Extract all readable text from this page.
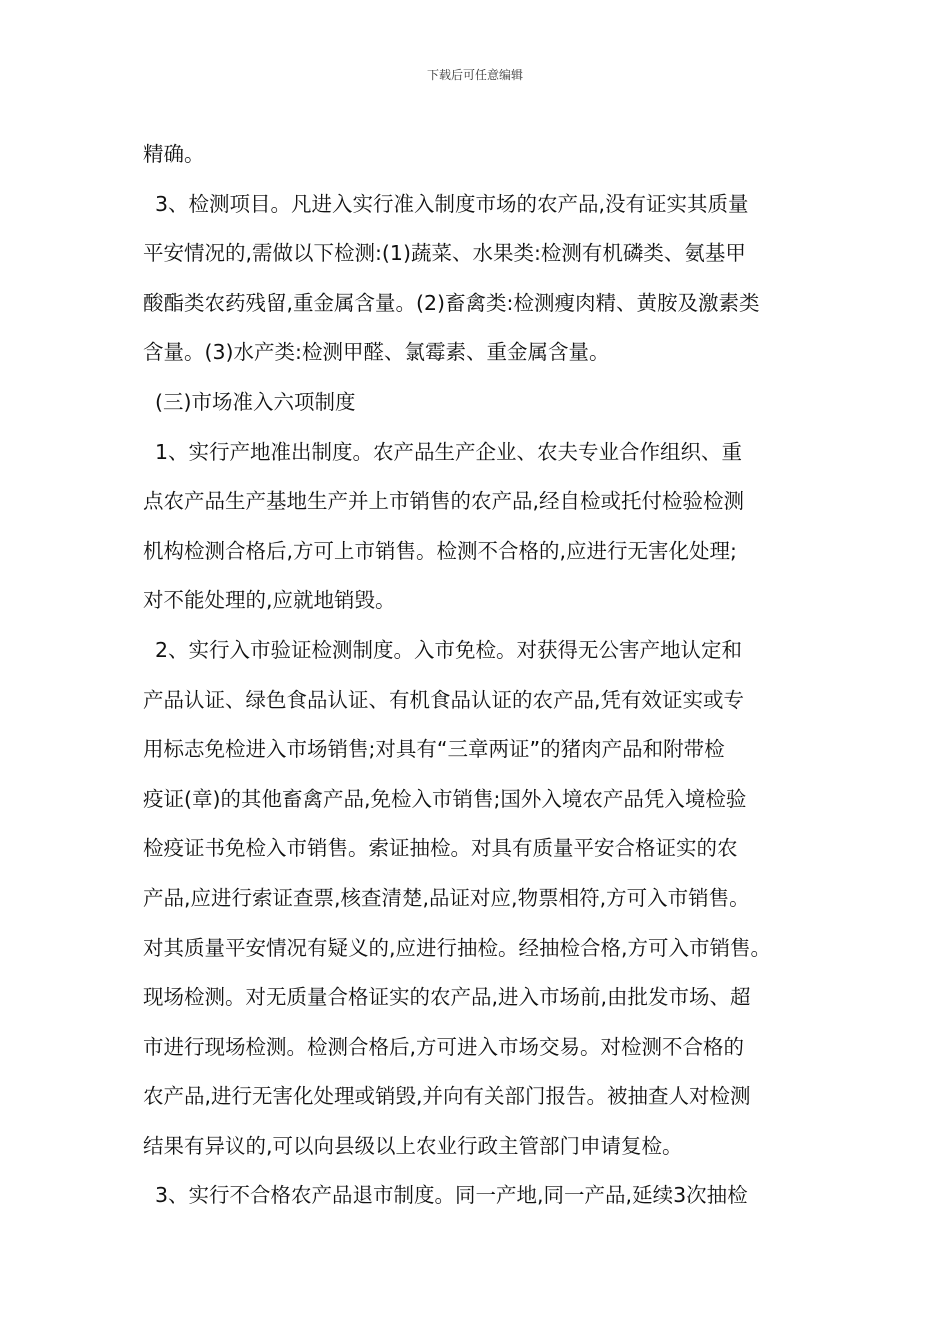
下载后可任意编辑
精确。
3、检测项目。凡进入实行准入制度市场的农产品,没有证实其质量
平安情况的,需做以下检测:(1)蔬菜、水果类:检测有机磷类、氨基甲
酸酯类农药残留,重金属含量。(2)畜禽类:检测瘦肉精、黄胺及激素类
含量。(3)水产类:检测甲醛、氯霉素、重金属含量。
(三)市场准入六项制度
1、实行产地准出制度。农产品生产企业、农夫专业合作组织、重
点农产品生产基地生产并上市销售的农产品,经自检或托付检验检测
机构检测合格后,方可上市销售。检测不合格的,应进行无害化处理;
对不能处理的,应就地销毁。
2、实行入市验证检测制度。入市免检。对获得无公害产地认定和
产品认证、绿色食品认证、有机食品认证的农产品,凭有效证实或专
用标志免检进入市场销售;对具有“三章两证”的猪肉产品和附带检
疫证(章)的其他畜禽产品,免检入市销售;国外入境农产品凭入境检验
检疫证书免检入市销售。索证抽检。对具有质量平安合格证实的农
产品,应进行索证查票,核查清楚,品证对应,物票相符,方可入市销售。
对其质量平安情况有疑义的,应进行抽检。经抽检合格,方可入市销售。
现场检测。对无质量合格证实的农产品,进入市场前,由批发市场、超
市进行现场检测。检测合格后,方可进入市场交易。对检测不合格的
农产品,进行无害化处理或销毁,并向有关部门报告。被抽查人对检测
结果有异议的,可以向县级以上农业行政主管部门申请复检。
3、实行不合格农产品退市制度。同一产地,同一产品,延续3次抽检
